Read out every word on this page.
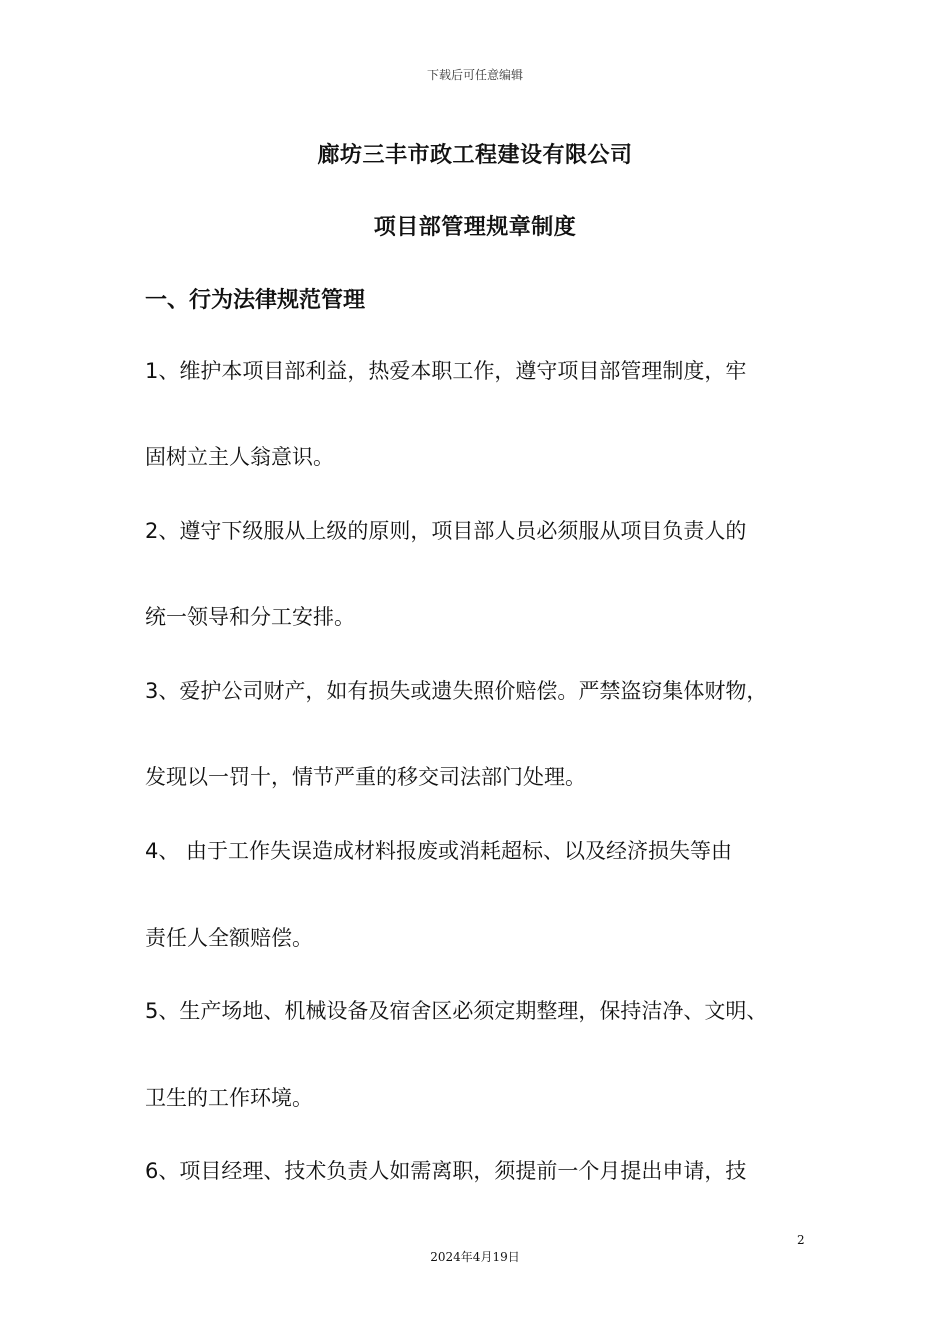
下载后可任意编辑
廊坊三丰市政工程建设有限公司
项目部管理规章制度
一、行为法律规范管理
1、维护本项目部利益，热爱本职工作，遵守项目部管理制度，牢
固树立主人翁意识。
2、遵守下级服从上级的原则，项目部人员必须服从项目负责人的
统一领导和分工安排。
3、爱护公司财产，如有损失或遗失照价赔偿。严禁盗窃集体财物，
发现以一罚十，情节严重的移交司法部门处理。
4、 由于工作失误造成材料报废或消耗超标、以及经济损失等由
责任人全额赔偿。
5、生产场地、机械设备及宿舍区必须定期整理，保持洁净、文明、
卫生的工作环境。
6、项目经理、技术负责人如需离职，须提前一个月提出申请，技
2
2024年4月19日
